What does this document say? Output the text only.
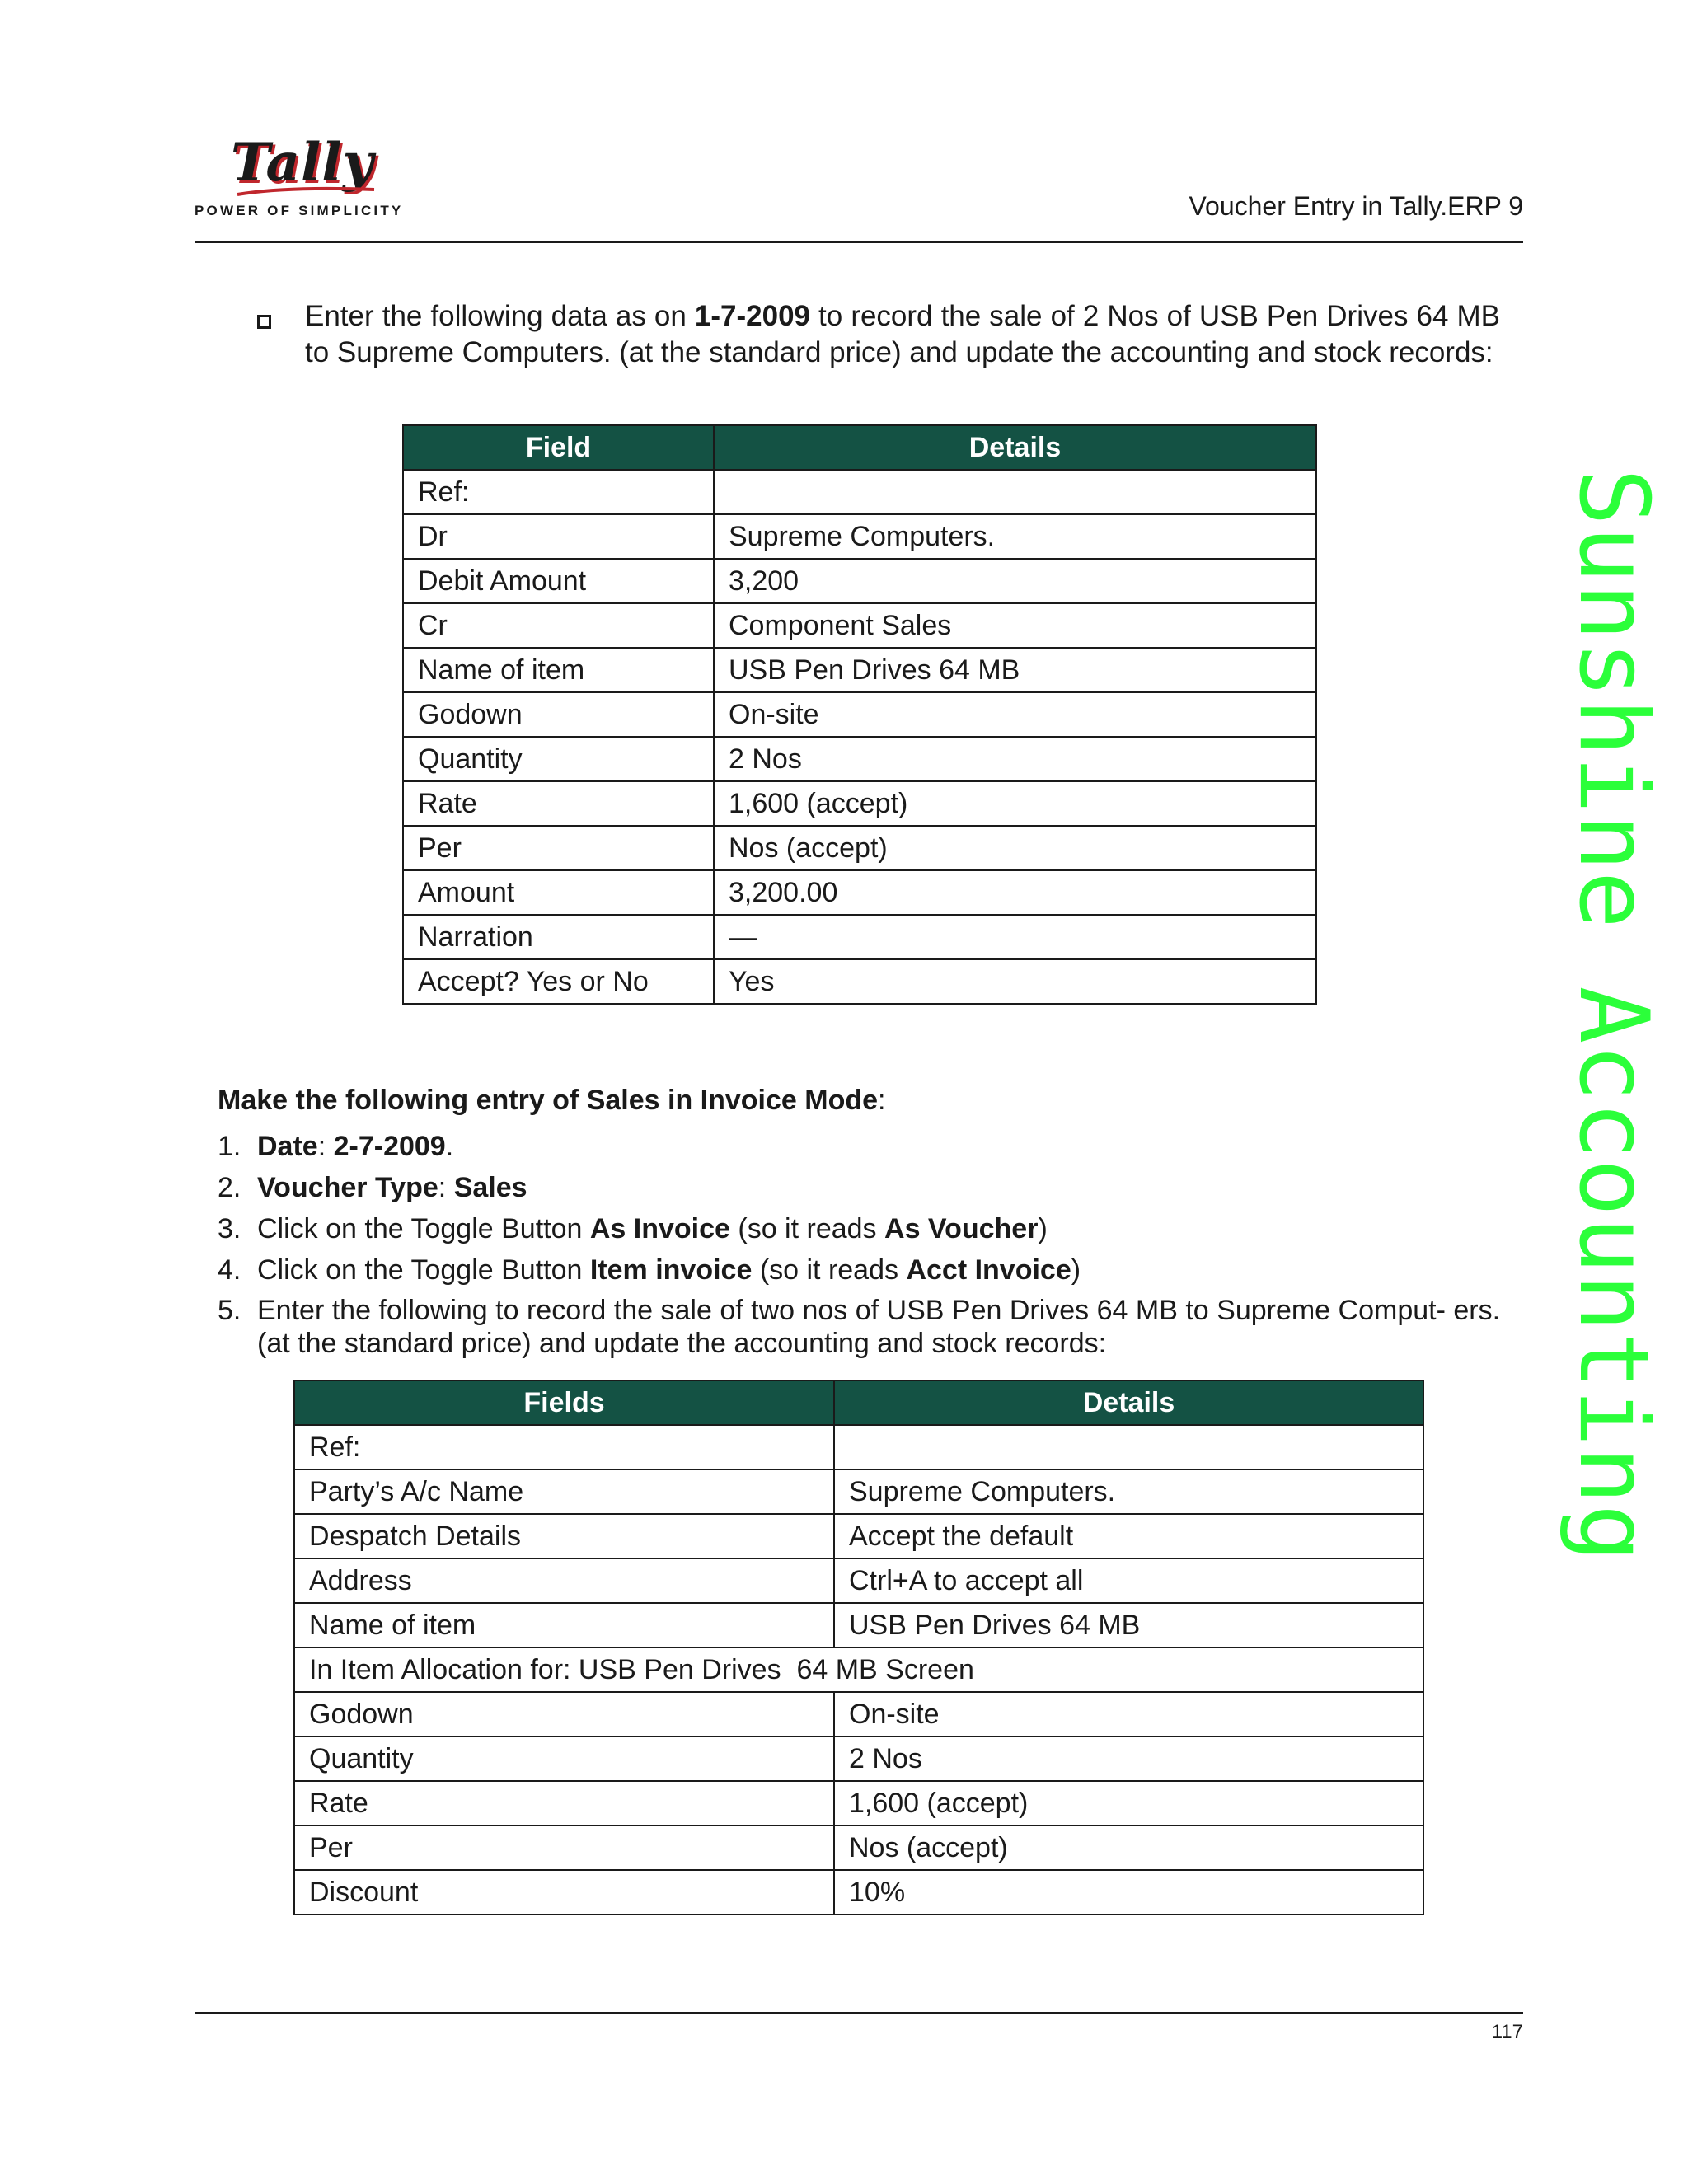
Tally
POWER OF SIMPLICITY	Voucher Entry in Tally.ERP 9
Sunshine Accounting
Enter the following data as on 1-7-2009 to record the sale of 2 Nos of USB Pen Drives 64 MB to Supreme Computers. (at the standard price) and update the accounting and stock records:
Field	Details
Ref:	
Dr	Supreme Computers.
Debit Amount	3,200
Cr	Component Sales
Name of item	USB Pen Drives 64 MB
Godown	On-site
Quantity	2 Nos
Rate	1,600 (accept)
Per	Nos (accept)
Amount	3,200.00
Narration	—
Accept? Yes or No	Yes
Make the following entry of Sales in Invoice Mode:
1. Date: 2-7-2009.
2. Voucher Type: Sales
3. Click on the Toggle Button As Invoice (so it reads As Voucher)
4. Click on the Toggle Button Item invoice (so it reads Acct Invoice)
5. Enter the following to record the sale of two nos of USB Pen Drives 64 MB to Supreme Comput- ers. (at the standard price) and update the accounting and stock records:
Fields	Details
Ref:	
Party’s A/c Name	Supreme Computers.
Despatch Details	Accept the default
Address	Ctrl+A to accept all
Name of item	USB Pen Drives 64 MB
In Item Allocation for: USB Pen Drives  64 MB Screen	
Godown	On-site
Quantity	2 Nos
Rate	1,600 (accept)
Per	Nos (accept)
Discount	10%
117
